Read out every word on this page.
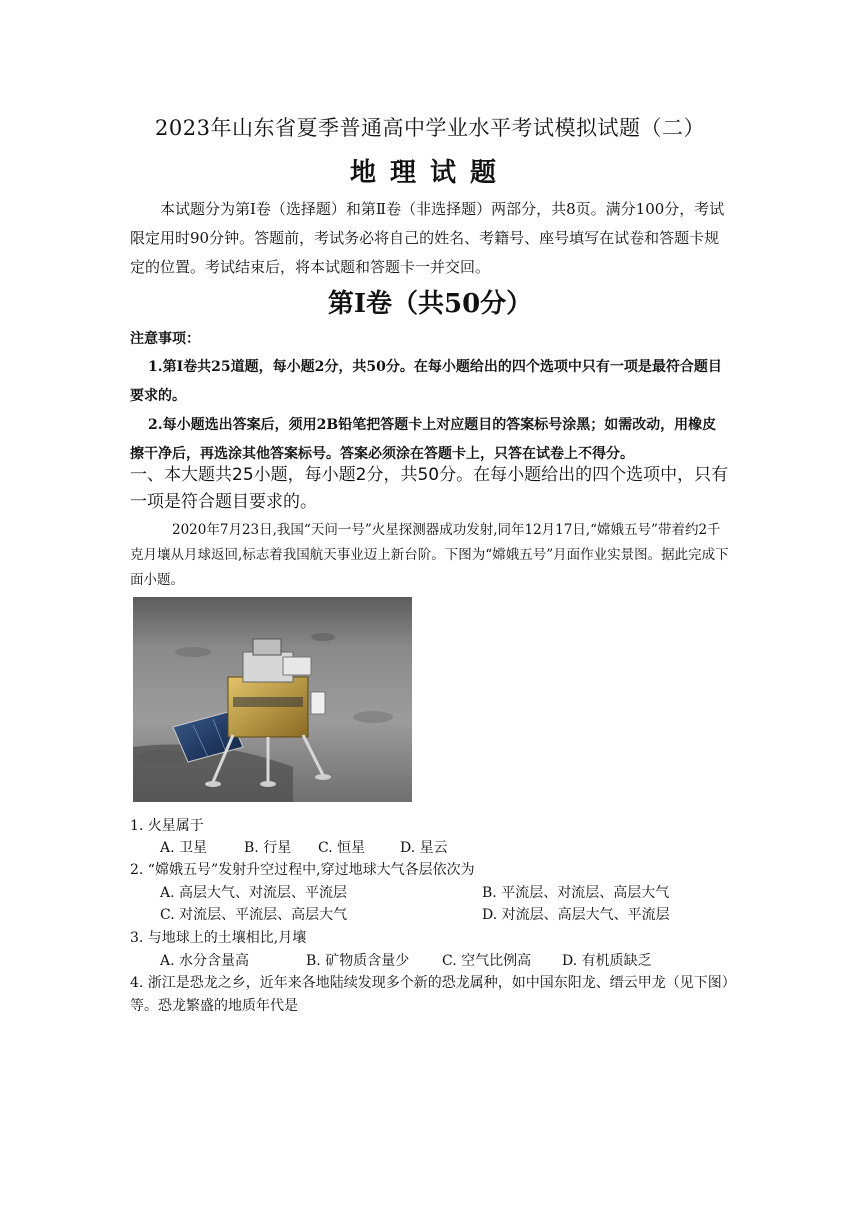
2023年山东省夏季普通高中学业水平考试模拟试题（二）
地理试题
本试题分为第Ⅰ卷（选择题）和第Ⅱ卷（非选择题）两部分，共8页。满分100分，考试限定用时90分钟。答题前，考试务必将自己的姓名、考籍号、座号填写在试卷和答题卡规定的位置。考试结束后，将本试题和答题卡一并交回。
第Ⅰ卷（共50分）
注意事项：
1.第Ⅰ卷共25道题，每小题2分，共50分。在每小题给出的四个选项中只有一项是最符合题目要求的。
2.每小题选出答案后，须用2B铅笔把答题卡上对应题目的答案标号涂黑；如需改动，用橡皮擦干净后，再选涂其他答案标号。答案必须涂在答题卡上，只答在试卷上不得分。
一、本大题共25小题，每小题2分，共50分。在每小题给出的四个选项中，只有一项是符合题目要求的。
2020年7月23日,我国“天问一号”火星探测器成功发射,同年12月17日,“嫦娥五号”带着约2千克月壤从月球返回,标志着我国航天事业迈上新台阶。下图为“嫦娥五号”月面作业实景图。据此完成下面小题。
1. 火星属于
A. 卫星	B. 行星 C. 恒星 D. 星云
2. “嫦娥五号”发射升空过程中,穿过地球大气各层依次为
A. 高层大气、对流层、平流层	B. 平流层、对流层、高层大气
C. 对流层、平流层、高层大气	D. 对流层、高层大气、平流层
3. 与地球上的土壤相比,月壤
A. 水分含量高	B. 矿物质含量少 C. 空气比例高 D. 有机质缺乏
4. 浙江是恐龙之乡，近年来各地陆续发现多个新的恐龙属种，如中国东阳龙、缙云甲龙（见下图）等。恐龙繁盛的地质年代是
